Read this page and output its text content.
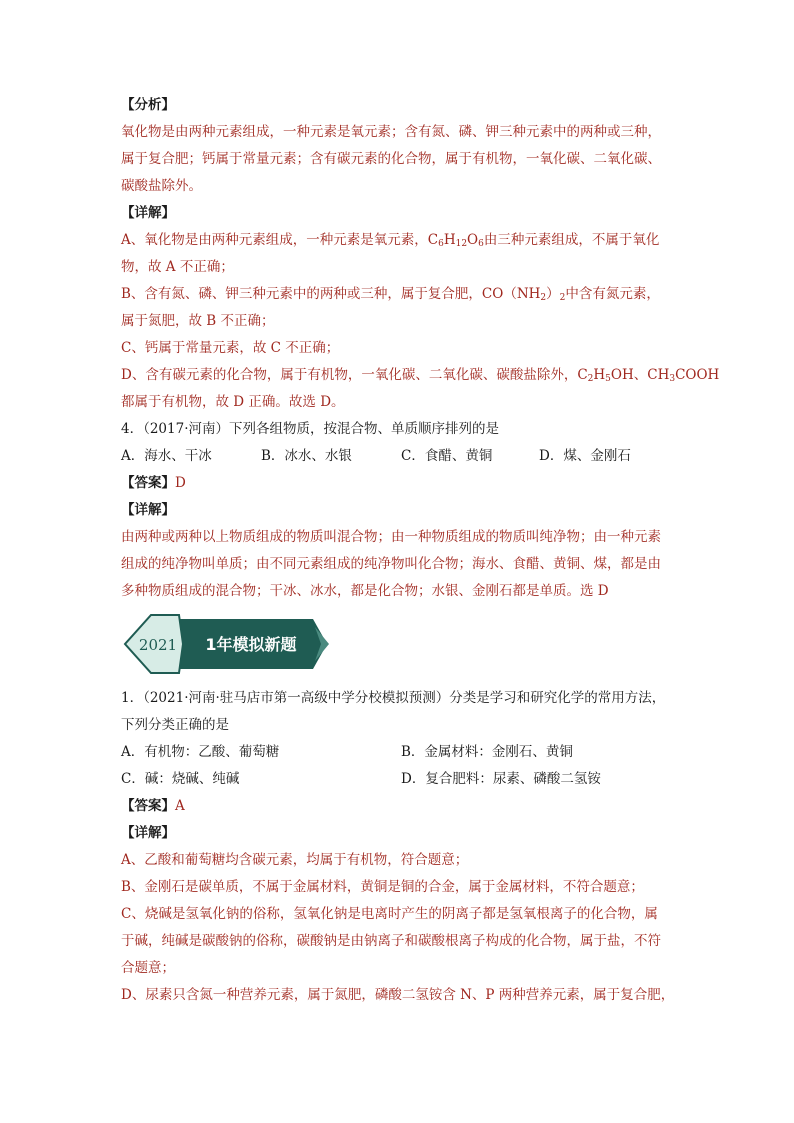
【分析】
氧化物是由两种元素组成，一种元素是氧元素；含有氮、磷、钾三种元素中的两种或三种，
属于复合肥；钙属于常量元素；含有碳元素的化合物，属于有机物，一氧化碳、二氧化碳、
碳酸盐除外。
【详解】
A、氧化物是由两种元素组成，一种元素是氧元素，$C_6H_{12}O_6$由三种元素组成，不属于氧化
物，故 A 不正确；
B、含有氮、磷、钾三种元素中的两种或三种，属于复合肥，$CO(NH_2)_2$中含有氮元素，
属于氮肥，故 B 不正确；
C、钙属于常量元素，故 C 不正确；
D、含有碳元素的化合物，属于有机物，一氧化碳、二氧化碳、碳酸盐除外，$C_2H_5OH$、$CH_3COOH$
都属于有机物，故 D 正确。故选 D。
4．（2017·河南）下列各组物质，按混合物、单质顺序排列的是
A．海水、干冰	B．冰水、水银	C．食醋、黄铜	D．煤、金刚石
【答案】D
【详解】
由两种或两种以上物质组成的物质叫混合物；由一种物质组成的物质叫纯净物；由一种元素
组成的纯净物叫单质；由不同元素组成的纯净物叫化合物；海水、食醋、黄铜、煤，都是由
多种物质组成的混合物；干冰、冰水，都是化合物；水银、金刚石都是单质。选 D
2021 1年模拟新题
1．（2021·河南·驻马店市第一高级中学分校模拟预测）分类是学习和研究化学的常用方法，
下列分类正确的是
A．有机物：乙酸、葡萄糖	B．金属材料：金刚石、黄铜
C．碱：烧碱、纯碱	D．复合肥料：尿素、磷酸二氢铵
【答案】A
【详解】
A、乙酸和葡萄糖均含碳元素，均属于有机物，符合题意；
B、金刚石是碳单质，不属于金属材料，黄铜是铜的合金，属于金属材料，不符合题意；
C、烧碱是氢氧化钠的俗称，氢氧化钠是电离时产生的阴离子都是氢氧根离子的化合物，属
于碱，纯碱是碳酸钠的俗称，碳酸钠是由钠离子和碳酸根离子构成的化合物，属于盐，不符
合题意；
D、尿素只含氮一种营养元素，属于氮肥，磷酸二氢铵含 N、P 两种营养元素，属于复合肥，
